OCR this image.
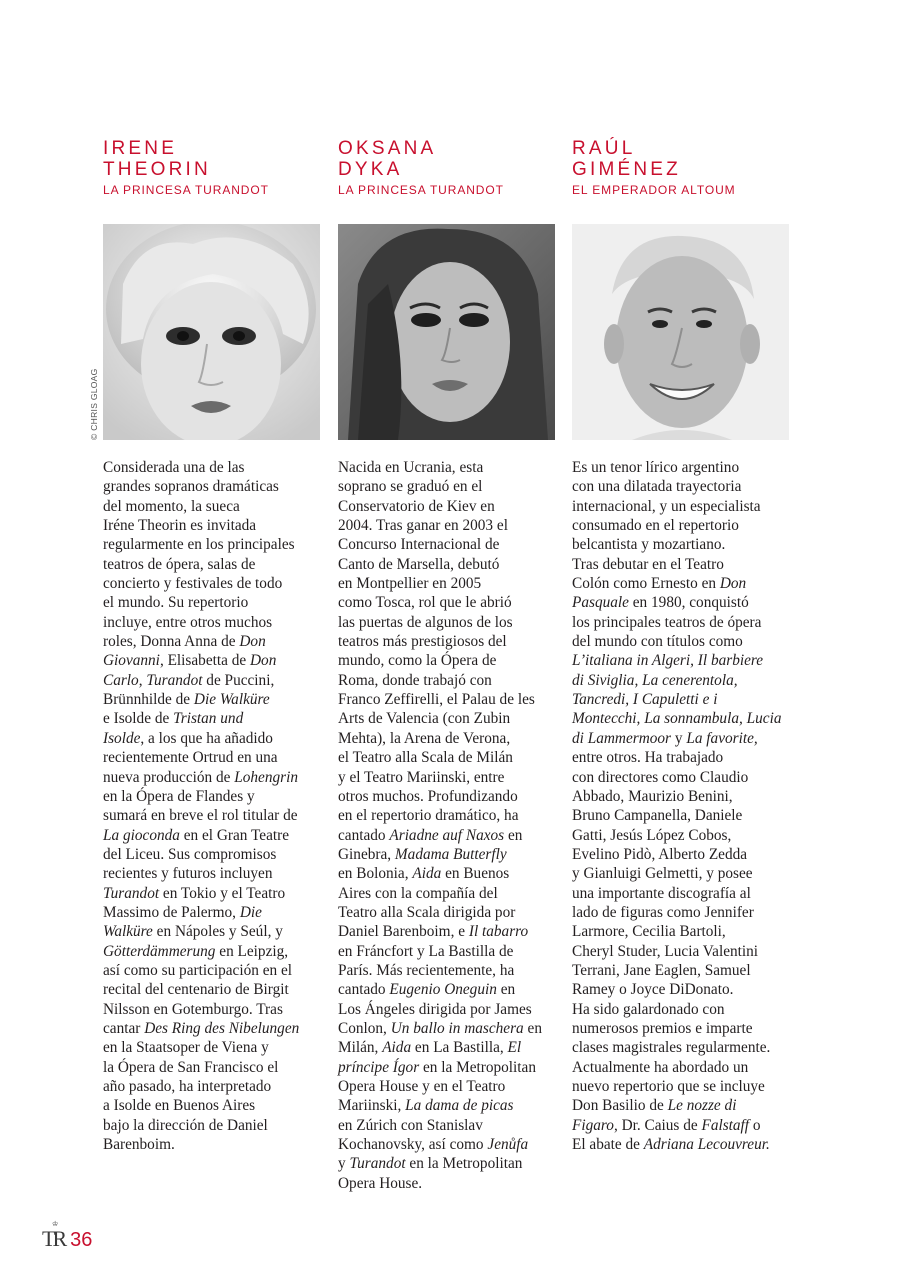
IRENE
THEORIN
LA PRINCESA TURANDOT
Considerada una de las
grandes sopranos dramáticas
del momento, la sueca
Iréne Theorin es invitada
regularmente en los principales
teatros de ópera, salas de
concierto y festivales de todo
el mundo. Su repertorio
incluye, entre otros muchos
roles, Donna Anna de Don
Giovanni, Elisabetta de Don
Carlo, Turandot de Puccini,
Brünnhilde de Die Walküre
e Isolde de Tristan und
Isolde, a los que ha añadido
recientemente Ortrud en una
nueva producción de Lohengrin
en la Ópera de Flandes y
sumará en breve el rol titular de
La gioconda en el Gran Teatre
del Liceu. Sus compromisos
recientes y futuros incluyen
Turandot en Tokio y el Teatro
Massimo de Palermo, Die
Walküre en Nápoles y Seúl, y
Götterdämmerung en Leipzig,
así como su participación en el
recital del centenario de Birgit
Nilsson en Gotemburgo. Tras
cantar Des Ring des Nibelungen
en la Staatsoper de Viena y
la Ópera de San Francisco el
año pasado, ha interpretado
a Isolde en Buenos Aires
bajo la dirección de Daniel
Barenboim.
© CHRIS GLOAG
OKSANA
DYKA
LA PRINCESA TURANDOT
Nacida en Ucrania, esta
soprano se graduó en el
Conservatorio de Kiev en
2004. Tras ganar en 2003 el
Concurso Internacional de
Canto de Marsella, debutó
en Montpellier en 2005
como Tosca, rol que le abrió
las puertas de algunos de los
teatros más prestigiosos del
mundo, como la Ópera de
Roma, donde trabajó con
Franco Zeffirelli, el Palau de les
Arts de Valencia (con Zubin
Mehta), la Arena de Verona,
el Teatro alla Scala de Milán
y el Teatro Mariinski, entre
otros muchos. Profundizando
en el repertorio dramático, ha
cantado Ariadne auf Naxos en
Ginebra, Madama Butterfly
en Bolonia, Aida en Buenos
Aires con la compañía del
Teatro alla Scala dirigida por
Daniel Barenboim, e Il tabarro
en Fráncfort y La Bastilla de
París. Más recientemente, ha
cantado Eugenio Oneguin en
Los Ángeles dirigida por James
Conlon, Un ballo in maschera en
Milán, Aida en La Bastilla, El
príncipe Ígor en la Metropolitan
Opera House y en el Teatro
Mariinski, La dama de picas
en Zúrich con Stanislav
Kochanovsky, así como Jenůfa
y Turandot en la Metropolitan
Opera House.
RAÚL
GIMÉNEZ
EL EMPERADOR ALTOUM
Es un tenor lírico argentino
con una dilatada trayectoria
internacional, y un especialista
consumado en el repertorio
belcantista y mozartiano.
Tras debutar en el Teatro
Colón como Ernesto en Don
Pasquale en 1980, conquistó
los principales teatros de ópera
del mundo con títulos como
L’italiana in Algeri, Il barbiere
di Siviglia, La cenerentola,
Tancredi, I Capuletti e i
Montecchi, La sonnambula, Lucia
di Lammermoor y La favorite,
entre otros. Ha trabajado
con directores como Claudio
Abbado, Maurizio Benini,
Bruno Campanella, Daniele
Gatti, Jesús López Cobos,
Evelino Pidò, Alberto Zedda
y Gianluigi Gelmetti, y posee
una importante discografía al
lado de figuras como Jennifer
Larmore, Cecilia Bartoli,
Cheryl Studer, Lucia Valentini
Terrani, Jane Eaglen, Samuel
Ramey o Joyce DiDonato.
Ha sido galardonado con
numerosos premios e imparte
clases magistrales regularmente.
Actualmente ha abordado un
nuevo repertorio que se incluye
Don Basilio de Le nozze di
Figaro, Dr. Caius de Falstaff o
El abate de Adriana Lecouvreur.
♔
TR 36
